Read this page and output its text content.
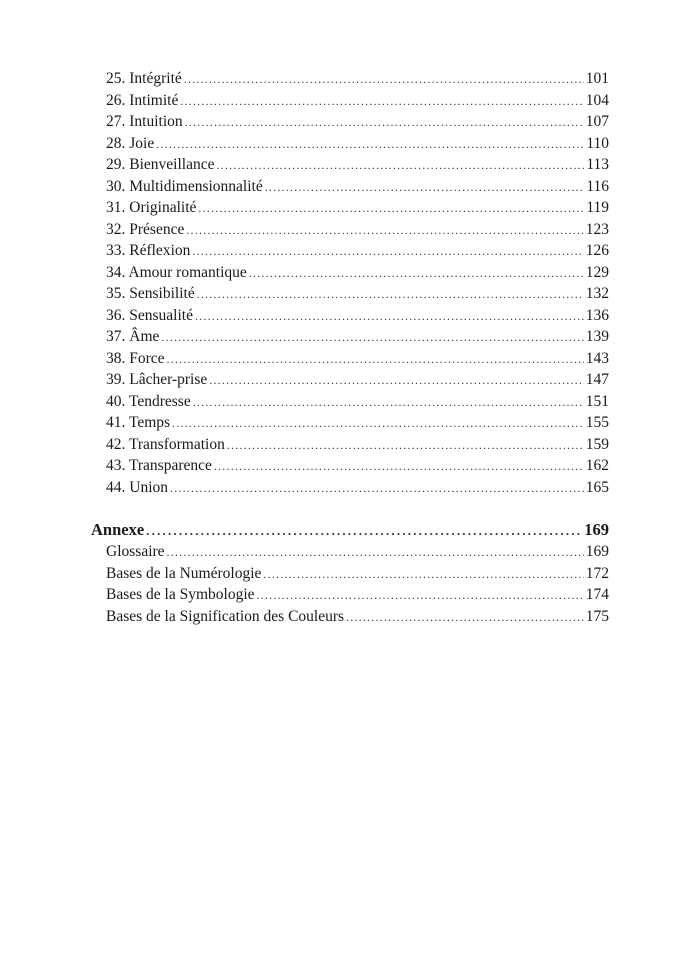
25. Intégrité .....	101
26. Intimité .....	104
27. Intuition .....	107
28. Joie .....	110
29. Bienveillance .....	113
30. Multidimensionnalité .....	116
31. Originalité .....	119
32. Présence .....	123
33. Réflexion .....	126
34. Amour romantique .....	129
35. Sensibilité .....	132
36. Sensualité .....	136
37. Âme .....	139
38. Force .....	143
39. Lâcher-prise .....	147
40. Tendresse .....	151
41. Temps .....	155
42. Transformation .....	159
43. Transparence .....	162
44. Union .....	165
Annexe .....	169
Glossaire .....	169
Bases de la Numérologie .....	172
Bases de la Symbologie .....	174
Bases de la Signification des Couleurs .....	175
